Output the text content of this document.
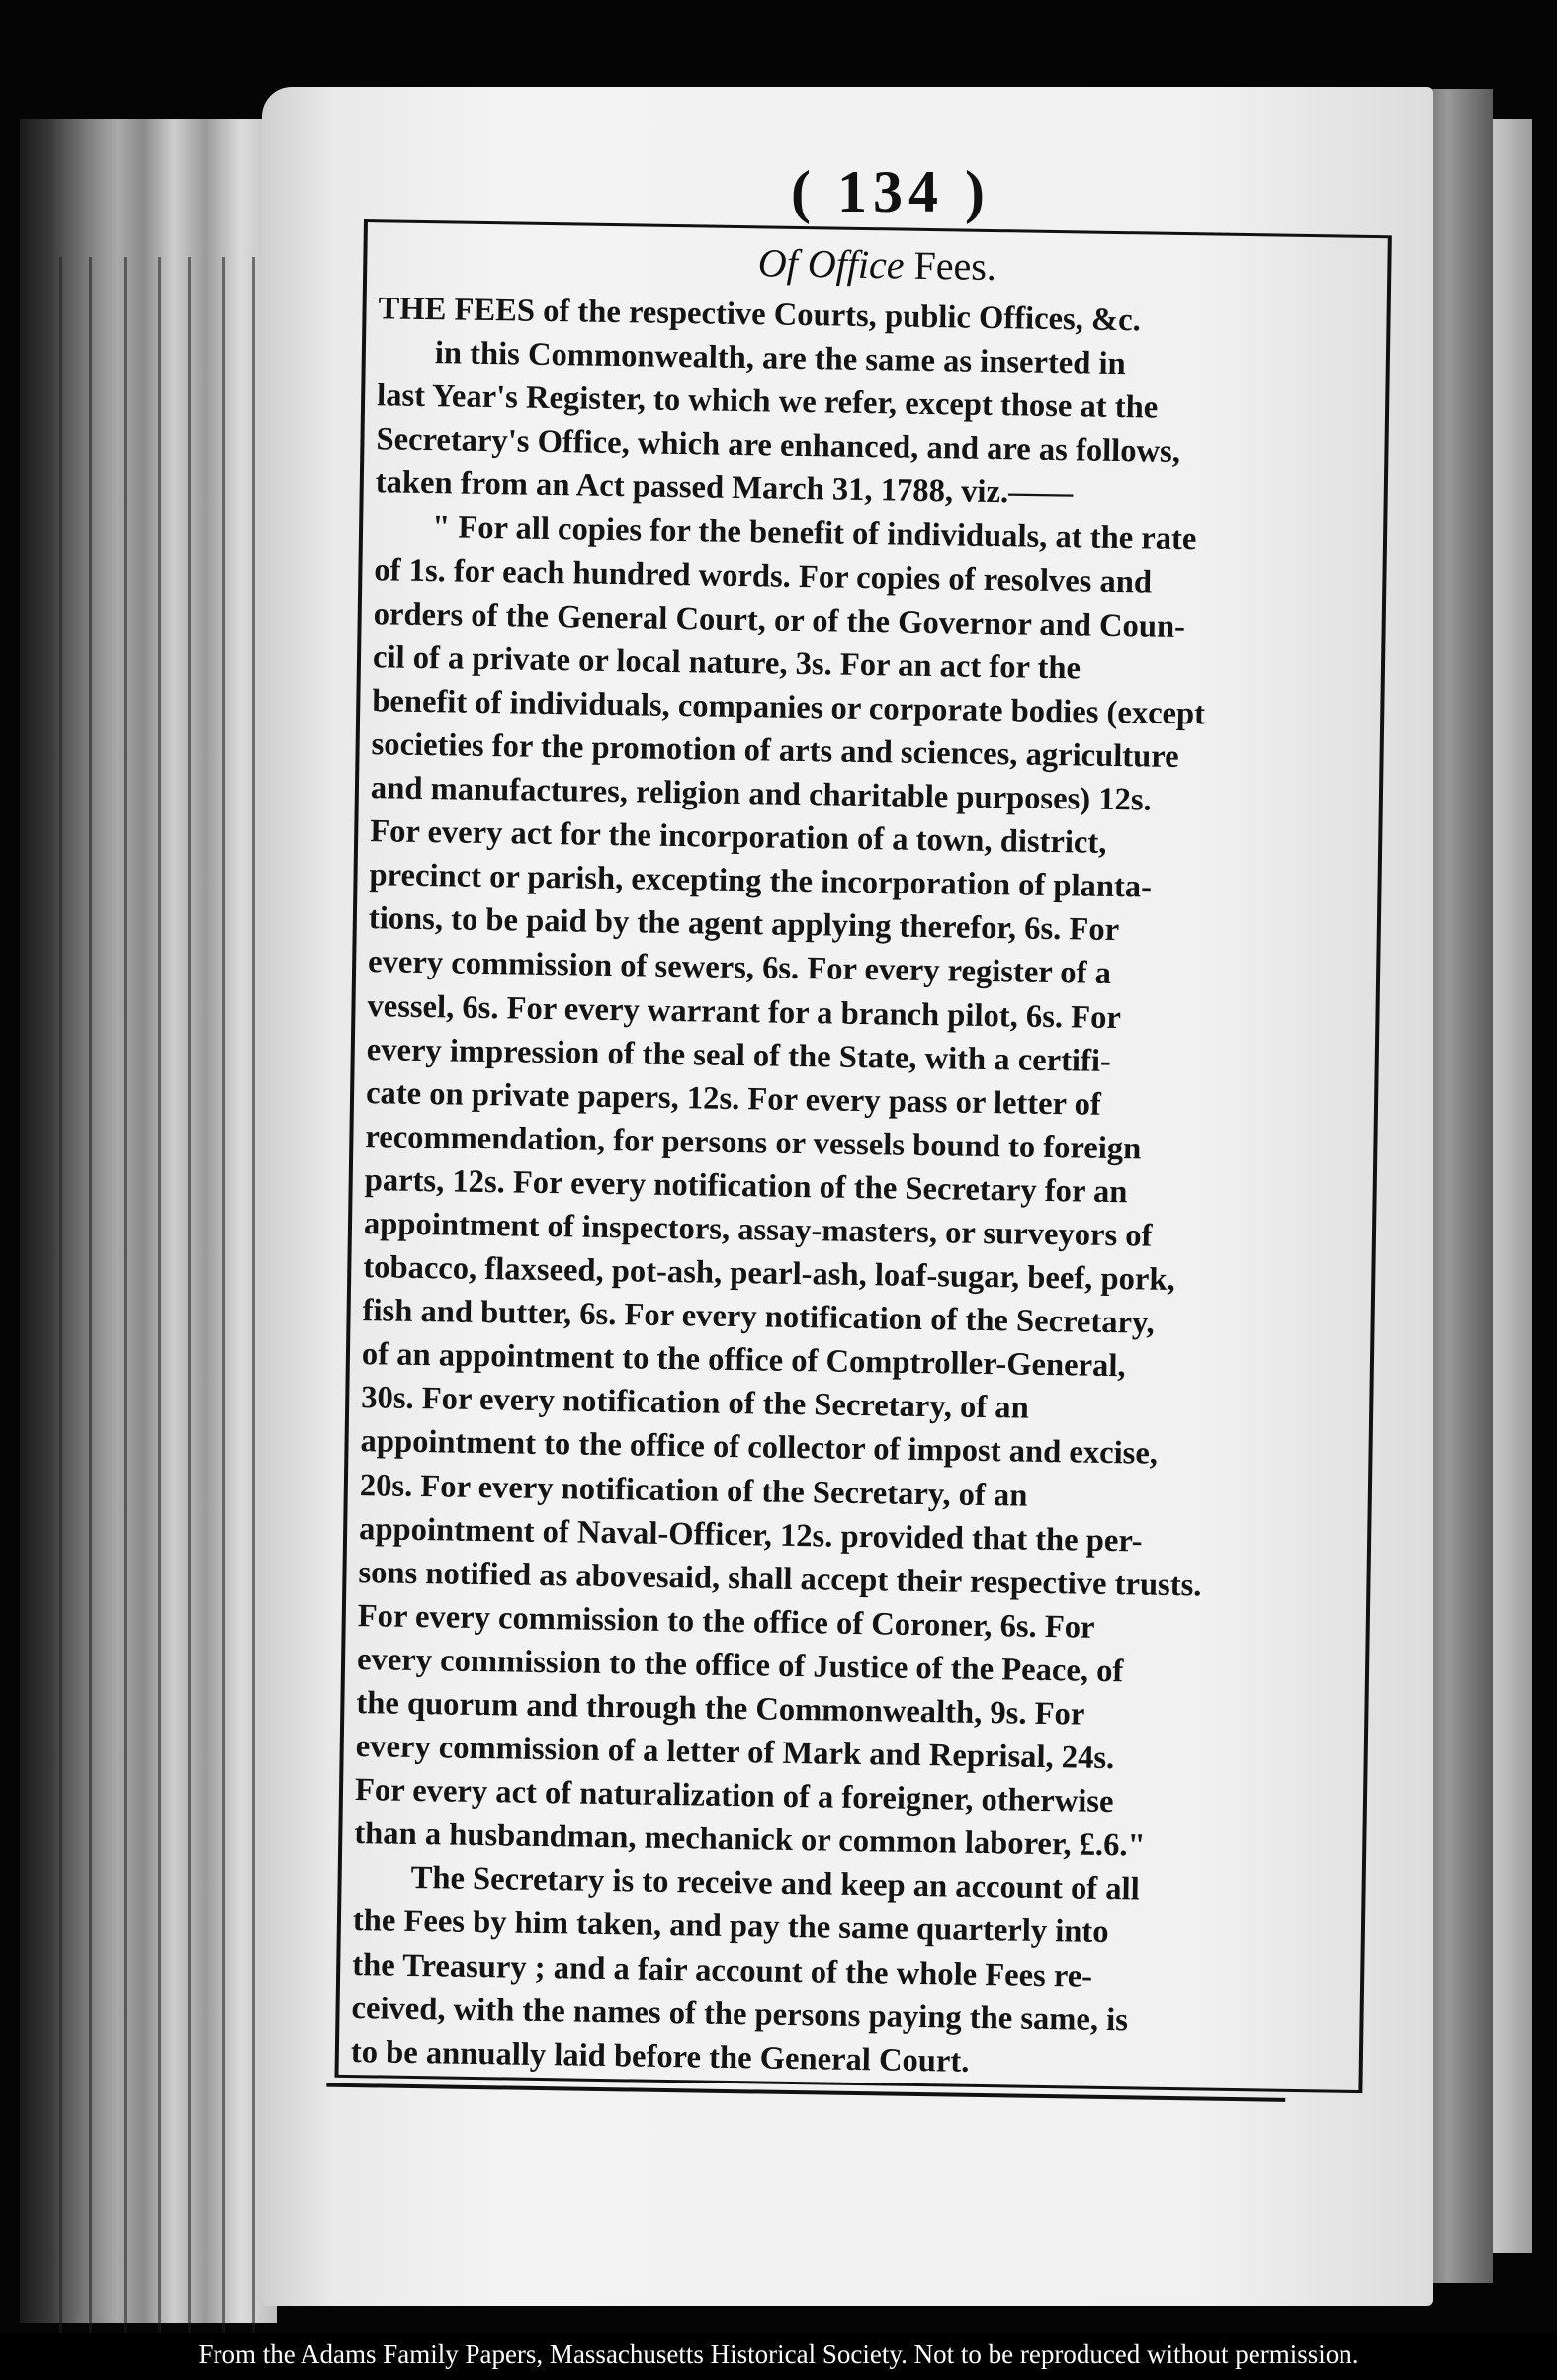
( 134 )
Of Office Fees.
THE FEES of the respective Courts, public Offices, &c.
in this Commonwealth, are the same as inserted in
last Year's Register, to which we refer, except those at the
Secretary's Office, which are enhanced, and are as follows,
taken from an Act passed March 31, 1788, viz.——
" For all copies for the benefit of individuals, at the rate
of 1s. for each hundred words. For copies of resolves and
orders of the General Court, or of the Governor and Coun-
cil of a private or local nature, 3s. For an act for the
benefit of individuals, companies or corporate bodies (except
societies for the promotion of arts and sciences, agriculture
and manufactures, religion and charitable purposes) 12s.
For every act for the incorporation of a town, district,
precinct or parish, excepting the incorporation of planta-
tions, to be paid by the agent applying therefor, 6s. For
every commission of sewers, 6s. For every register of a
vessel, 6s. For every warrant for a branch pilot, 6s. For
every impression of the seal of the State, with a certifi-
cate on private papers, 12s. For every pass or letter of
recommendation, for persons or vessels bound to foreign
parts, 12s. For every notification of the Secretary for an
appointment of inspectors, assay-masters, or surveyors of
tobacco, flaxseed, pot-ash, pearl-ash, loaf-sugar, beef, pork,
fish and butter, 6s. For every notification of the Secretary,
of an appointment to the office of Comptroller-General,
30s. For every notification of the Secretary, of an
appointment to the office of collector of impost and excise,
20s. For every notification of the Secretary, of an
appointment of Naval-Officer, 12s. provided that the per-
sons notified as abovesaid, shall accept their respective trusts.
For every commission to the office of Coroner, 6s. For
every commission to the office of Justice of the Peace, of
the quorum and through the Commonwealth, 9s. For
every commission of a letter of Mark and Reprisal, 24s.
For every act of naturalization of a foreigner, otherwise
than a husbandman, mechanick or common laborer, £.6."
The Secretary is to receive and keep an account of all
the Fees by him taken, and pay the same quarterly into
the Treasury ; and a fair account of the whole Fees re-
ceived, with the names of the persons paying the same, is
to be annually laid before the General Court.
From the Adams Family Papers, Massachusetts Historical Society. Not to be reproduced without permission.
